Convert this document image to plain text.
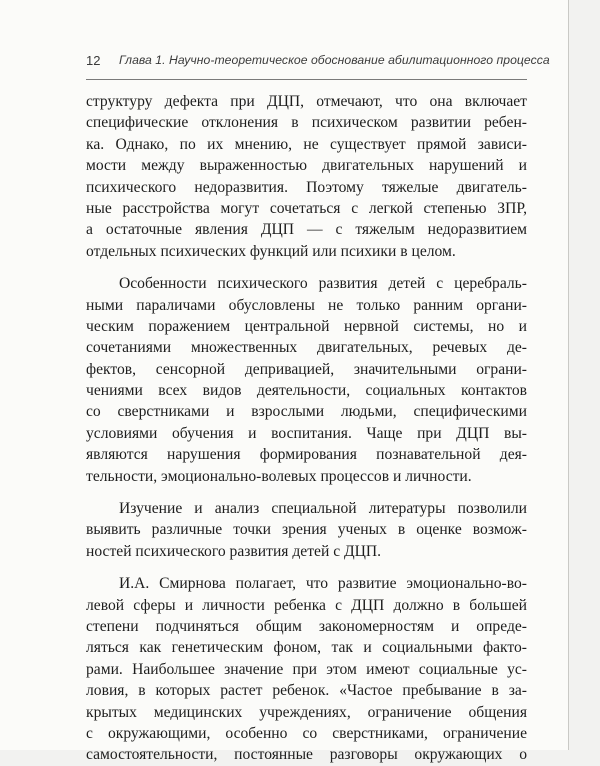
12 Глава 1. Научно-теоретическое обоснование абилитационного процесса
структуру дефекта при ДЦП, отмечают, что она включает
специфические отклонения в психическом развитии ребен-
ка. Однако, по их мнению, не существует прямой зависи-
мости между выраженностью двигательных нарушений и
психического недоразвития. Поэтому тяжелые двигатель-
ные расстройства могут сочетаться с легкой степенью ЗПР,
а остаточные явления ДЦП — с тяжелым недоразвитием
отдельных психических функций или психики в целом.
Особенности психического развития детей с церебраль-
ными параличами обусловлены не только ранним органи-
ческим поражением центральной нервной системы, но и
сочетаниями множественных двигательных, речевых де-
фектов, сенсорной депривацией, значительными ограни-
чениями всех видов деятельности, социальных контактов
со сверстниками и взрослыми людьми, специфическими
условиями обучения и воспитания. Чаще при ДЦП вы-
являются нарушения формирования познавательной дея-
тельности, эмоционально-волевых процессов и личности.
Изучение и анализ специальной литературы позволили
выявить различные точки зрения ученых в оценке возмож-
ностей психического развития детей с ДЦП.
И.А. Смирнова полагает, что развитие эмоционально-во-
левой сферы и личности ребенка с ДЦП должно в большей
степени подчиняться общим закономерностям и опреде-
ляться как генетическим фоном, так и социальными факто-
рами. Наибольшее значение при этом имеют социальные ус-
ловия, в которых растет ребенок. «Частое пребывание в за-
крытых медицинских учреждениях, ограничение общения
с окружающими, особенно со сверстниками, ограничение
самостоятельности, постоянные разговоры окружающих о
